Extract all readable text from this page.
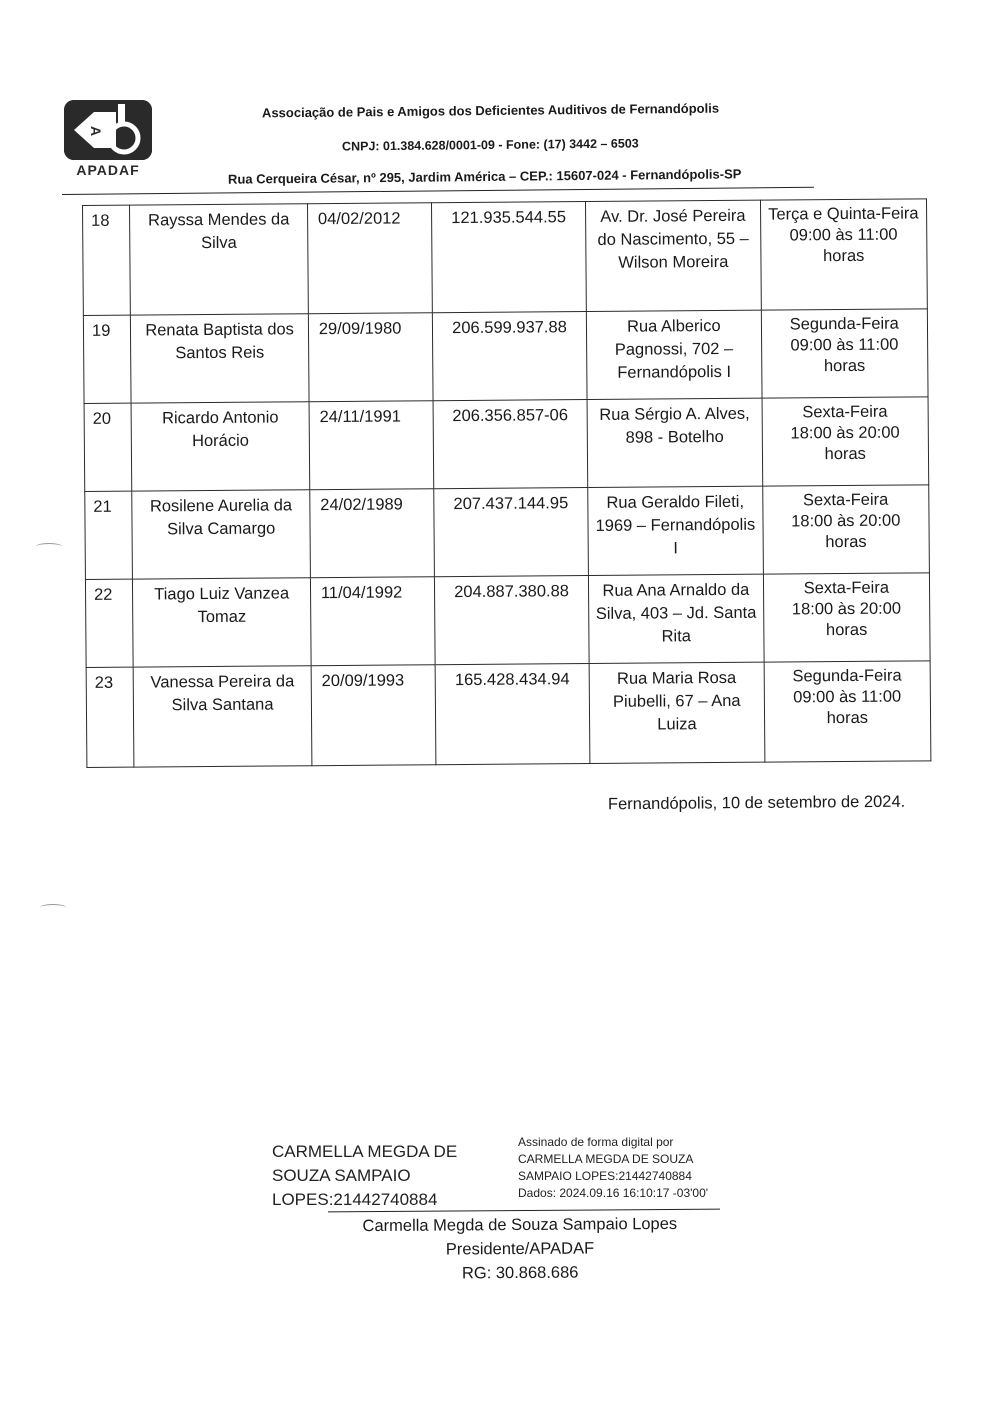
A
APADAF
Associação de Pais e Amigos dos Deficientes Auditivos de Fernandópolis
CNPJ: 01.384.628/0001-09 - Fone: (17) 3442 – 6503
Rua Cerqueira César, nº 295, Jardim América – CEP.: 15607-024 - Fernandópolis-SP
18	Rayssa Mendes da Silva	04/02/2012	121.935.544.55	Av. Dr. José Pereira do Nascimento, 55 – Wilson Moreira	Terça e Quinta-Feira
09:00 às 11:00 horas

19	Renata Baptista dos Santos Reis	29/09/1980	206.599.937.88	Rua Alberico Pagnossi, 702 – Fernandópolis I	Segunda-Feira
09:00 às 11:00 horas

20	Ricardo Antonio Horácio	24/11/1991	206.356.857-06	Rua Sérgio A. Alves, 898 - Botelho	Sexta-Feira
18:00 às 20:00 horas

21	Rosilene Aurelia da Silva Camargo	24/02/1989	207.437.144.95	Rua Geraldo Fileti, 1969 – Fernandópolis I	Sexta-Feira
18:00 às 20:00 horas

22	Tiago Luiz Vanzea Tomaz	11/04/1992	204.887.380.88	Rua Ana Arnaldo da Silva, 403 – Jd. Santa Rita	Sexta-Feira
18:00 às 20:00 horas

23	Vanessa Pereira da Silva Santana	20/09/1993	165.428.434.94	Rua Maria Rosa Piubelli, 67 – Ana Luiza	Segunda-Feira
09:00 às 11:00 horas
Fernandópolis, 10 de setembro de 2024.
CARMELLA MEGDA DE
SOUZA SAMPAIO
LOPES:21442740884
Assinado de forma digital por
CARMELLA MEGDA DE SOUZA
SAMPAIO LOPES:21442740884
Dados: 2024.09.16 16:10:17 -03'00'
Carmella Megda de Souza Sampaio Lopes
Presidente/APADAF
RG: 30.868.686
